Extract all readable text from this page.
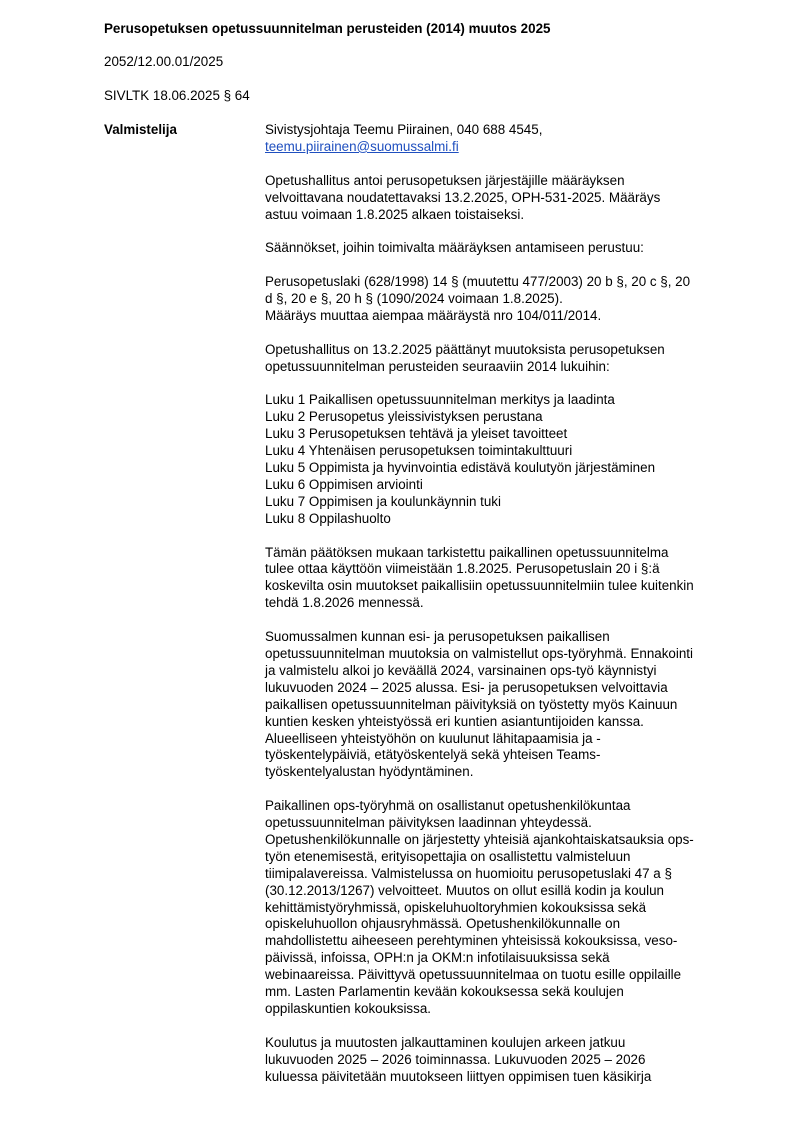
Perusopetuksen opetussuunnitelman perusteiden (2014) muutos 2025
2052/12.00.01/2025
SIVLTK 18.06.2025 § 64
Valmistelija	Sivistysjohtaja Teemu Piirainen, 040 688 4545,
teemu.piirainen@suomussalmi.fi

Opetushallitus antoi perusopetuksen järjestäjille määräyksen
velvoittavana noudatettavaksi 13.2.2025, OPH-531-2025. Määräys
astuu voimaan 1.8.2025 alkaen toistaiseksi.

Säännökset, joihin toimivalta määräyksen antamiseen perustuu:

Perusopetuslaki (628/1998) 14 § (muutettu 477/2003) 20 b §, 20 c §, 20
d §, 20 e §, 20 h § (1090/2024 voimaan 1.8.2025).
Määräys muuttaa aiempaa määräystä nro 104/011/2014.

Opetushallitus on 13.2.2025 päättänyt muutoksista perusopetuksen
opetussuunnitelman perusteiden seuraaviin 2014 lukuihin:

Luku 1 Paikallisen opetussuunnitelman merkitys ja laadinta
Luku 2 Perusopetus yleissivistyksen perustana
Luku 3 Perusopetuksen tehtävä ja yleiset tavoitteet
Luku 4 Yhtenäisen perusopetuksen toimintakulttuuri
Luku 5 Oppimista ja hyvinvointia edistävä koulutyön järjestäminen
Luku 6 Oppimisen arviointi
Luku 7 Oppimisen ja koulunkäynnin tuki
Luku 8 Oppilashuolto

Tämän päätöksen mukaan tarkistettu paikallinen opetussuunnitelma
tulee ottaa käyttöön viimeistään 1.8.2025. Perusopetuslain 20 i §:ä
koskevilta osin muutokset paikallisiin opetussuunnitelmiin tulee kuitenkin
tehdä 1.8.2026 mennessä.

Suomussalmen kunnan esi- ja perusopetuksen paikallisen
opetussuunnitelman muutoksia on valmistellut ops-työryhmä. Ennakointi
ja valmistelu alkoi jo keväällä 2024, varsinainen ops-työ käynnistyi
lukuvuoden 2024 – 2025 alussa. Esi- ja perusopetuksen velvoittavia
paikallisen opetussuunnitelman päivityksiä on työstetty myös Kainuun
kuntien kesken yhteistyössä eri kuntien asiantuntijoiden kanssa.
Alueelliseen yhteistyöhön on kuulunut lähitapaamisia ja -
työskentelypäiviä, etätyöskentelyä sekä yhteisen Teams-
työskentelyalustan hyödyntäminen.

Paikallinen ops-työryhmä on osallistanut opetushenkilökuntaa
opetussuunnitelman päivityksen laadinnan yhteydessä.
Opetushenkilökunnalle on järjestetty yhteisiä ajankohtaiskatsauksia ops-
työn etenemisestä, erityisopettajia on osallistettu valmisteluun
tiimipalavereissa. Valmistelussa on huomioitu perusopetuslaki 47 a §
(30.12.2013/1267) velvoitteet. Muutos on ollut esillä kodin ja koulun
kehittämistyöryhmissä, opiskeluhuoltoryhmien kokouksissa sekä
opiskeluhuollon ohjausryhmässä. Opetushenkilökunnalle on
mahdollistettu aiheeseen perehtyminen yhteisissä kokouksissa, veso-
päivissä, infoissa, OPH:n ja OKM:n infotilaisuuksissa sekä
webinaareissa. Päivittyvä opetussuunnitelmaa on tuotu esille oppilaille
mm. Lasten Parlamentin kevään kokouksessa sekä koulujen
oppilaskuntien kokouksissa.

Koulutus ja muutosten jalkauttaminen koulujen arkeen jatkuu
lukuvuoden 2025 – 2026 toiminnassa. Lukuvuoden 2025 – 2026
kuluessa päivitetään muutokseen liittyen oppimisen tuen käsikirja
